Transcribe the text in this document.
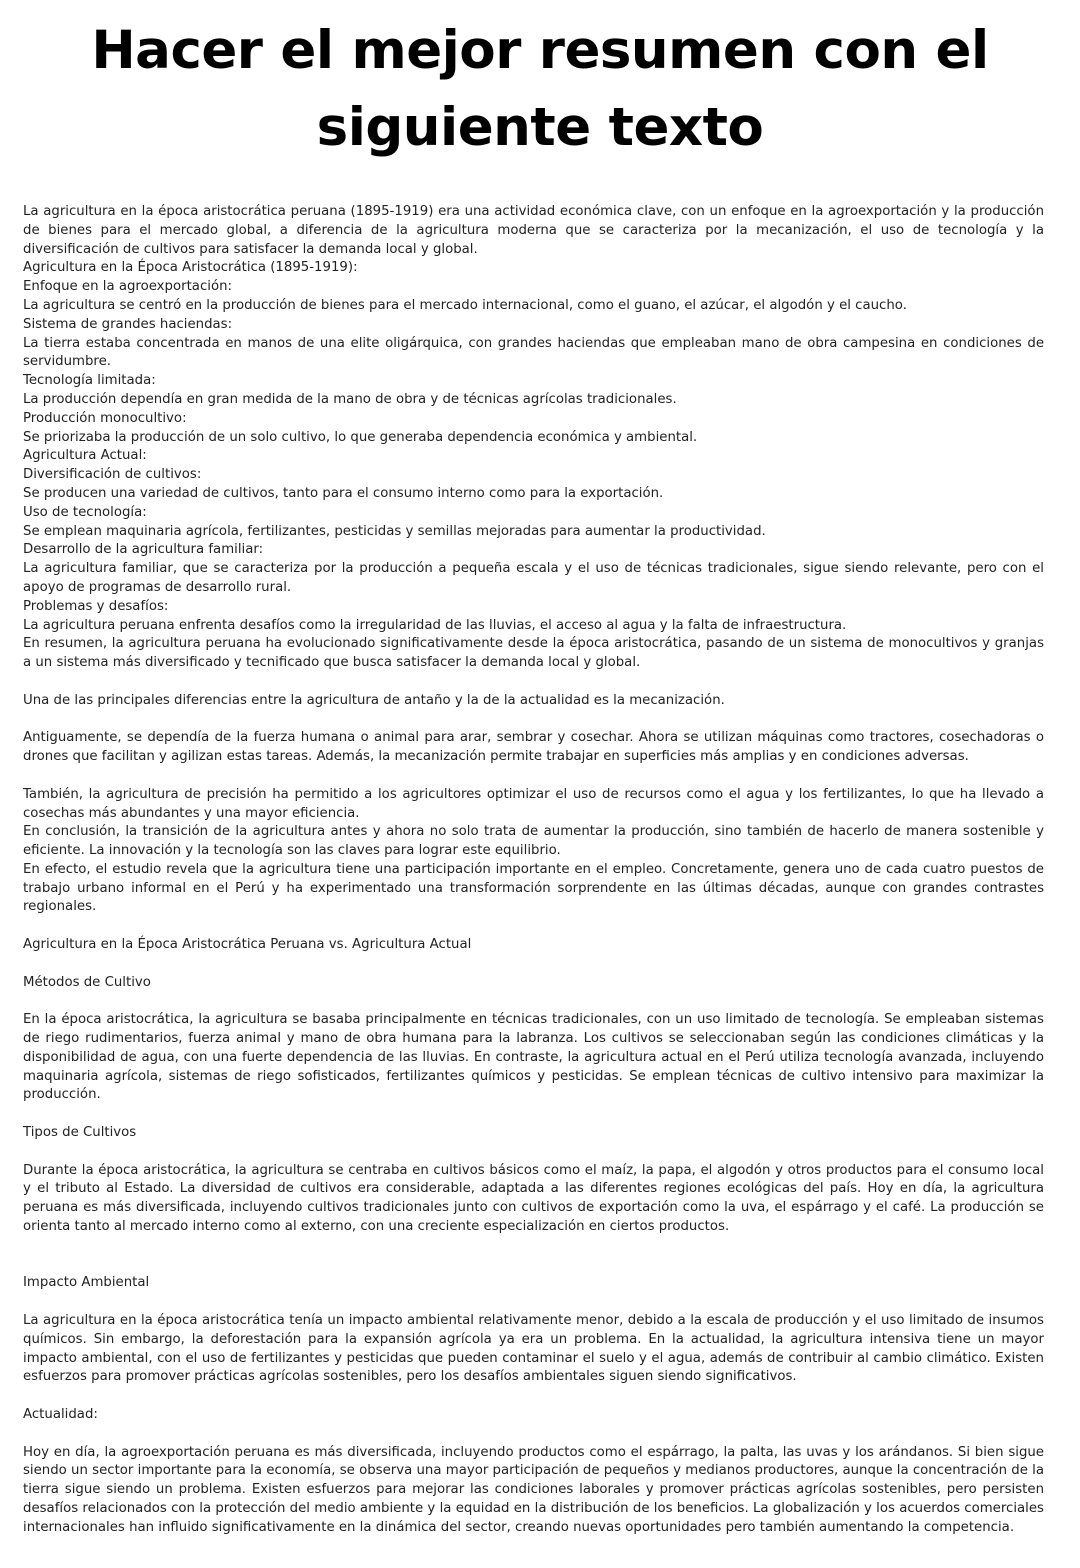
Hacer el mejor resumen con el siguiente texto

La agricultura en la época aristocrática peruana (1895-1919) era una actividad económica clave, con un enfoque en la agroexportación y la producción de bienes para el mercado global, a diferencia de la agricultura moderna que se caracteriza por la mecanización, el uso de tecnología y la diversificación de cultivos para satisfacer la demanda local y global.

Agricultura en la Época Aristocrática (1895-1919):

Enfoque en la agroexportación:

La agricultura se centró en la producción de bienes para el mercado internacional, como el guano, el azúcar, el algodón y el caucho.

Sistema de grandes haciendas:

La tierra estaba concentrada en manos de una elite oligárquica, con grandes haciendas que empleaban mano de obra campesina en condiciones de servidumbre.

Tecnología limitada:

La producción dependía en gran medida de la mano de obra y de técnicas agrícolas tradicionales.

Producción monocultivo:

Se priorizaba la producción de un solo cultivo, lo que generaba dependencia económica y ambiental.

Agricultura Actual:

Diversificación de cultivos:

Se producen una variedad de cultivos, tanto para el consumo interno como para la exportación.

Uso de tecnología:

Se emplean maquinaria agrícola, fertilizantes, pesticidas y semillas mejoradas para aumentar la productividad.

Desarrollo de la agricultura familiar:

La agricultura familiar, que se caracteriza por la producción a pequeña escala y el uso de técnicas tradicionales, sigue siendo relevante, pero con el apoyo de programas de desarrollo rural.

Problemas y desafíos:

La agricultura peruana enfrenta desafíos como la irregularidad de las lluvias, el acceso al agua y la falta de infraestructura.

En resumen, la agricultura peruana ha evolucionado significativamente desde la época aristocrática, pasando de un sistema de monocultivos y granjas a un sistema más diversificado y tecnificado que busca satisfacer la demanda local y global.

Una de las principales diferencias entre la agricultura de antaño y la de la actualidad es la mecanización.

Antiguamente, se dependía de la fuerza humana o animal para arar, sembrar y cosechar. Ahora se utilizan máquinas como tractores, cosechadoras o drones que facilitan y agilizan estas tareas. Además, la mecanización permite trabajar en superficies más amplias y en condiciones adversas.

También, la agricultura de precisión ha permitido a los agricultores optimizar el uso de recursos como el agua y los fertilizantes, lo que ha llevado a cosechas más abundantes y una mayor eficiencia.

En conclusión, la transición de la agricultura antes y ahora no solo trata de aumentar la producción, sino también de hacerlo de manera sostenible y eficiente. La innovación y la tecnología son las claves para lograr este equilibrio.

En efecto, el estudio revela que la agricultura tiene una participación importante en el empleo. Concretamente, genera uno de cada cuatro puestos de trabajo urbano informal en el Perú y ha experimentado una transformación sorprendente en las últimas décadas, aunque con grandes contrastes regionales.

Agricultura en la Época Aristocrática Peruana vs. Agricultura Actual

Métodos de Cultivo

En la época aristocrática, la agricultura se basaba principalmente en técnicas tradicionales, con un uso limitado de tecnología. Se empleaban sistemas de riego rudimentarios, fuerza animal y mano de obra humana para la labranza. Los cultivos se seleccionaban según las condiciones climáticas y la disponibilidad de agua, con una fuerte dependencia de las lluvias. En contraste, la agricultura actual en el Perú utiliza tecnología avanzada, incluyendo maquinaria agrícola, sistemas de riego sofisticados, fertilizantes químicos y pesticidas. Se emplean técnicas de cultivo intensivo para maximizar la producción.

Tipos de Cultivos

Durante la época aristocrática, la agricultura se centraba en cultivos básicos como el maíz, la papa, el algodón y otros productos para el consumo local y el tributo al Estado. La diversidad de cultivos era considerable, adaptada a las diferentes regiones ecológicas del país. Hoy en día, la agricultura peruana es más diversificada, incluyendo cultivos tradicionales junto con cultivos de exportación como la uva, el espárrago y el café. La producción se orienta tanto al mercado interno como al externo, con una creciente especialización en ciertos productos.

Impacto Ambiental

La agricultura en la época aristocrática tenía un impacto ambiental relativamente menor, debido a la escala de producción y el uso limitado de insumos químicos. Sin embargo, la deforestación para la expansión agrícola ya era un problema. En la actualidad, la agricultura intensiva tiene un mayor impacto ambiental, con el uso de fertilizantes y pesticidas que pueden contaminar el suelo y el agua, además de contribuir al cambio climático. Existen esfuerzos para promover prácticas agrícolas sostenibles, pero los desafíos ambientales siguen siendo significativos.

Actualidad:

Hoy en día, la agroexportación peruana es más diversificada, incluyendo productos como el espárrago, la palta, las uvas y los arándanos. Si bien sigue siendo un sector importante para la economía, se observa una mayor participación de pequeños y medianos productores, aunque la concentración de la tierra sigue siendo un problema. Existen esfuerzos para mejorar las condiciones laborales y promover prácticas agrícolas sostenibles, pero persisten desafíos relacionados con la protección del medio ambiente y la equidad en la distribución de los beneficios. La globalización y los acuerdos comerciales internacionales han influido significativamente en la dinámica del sector, creando nuevas oportunidades pero también aumentando la competencia.
